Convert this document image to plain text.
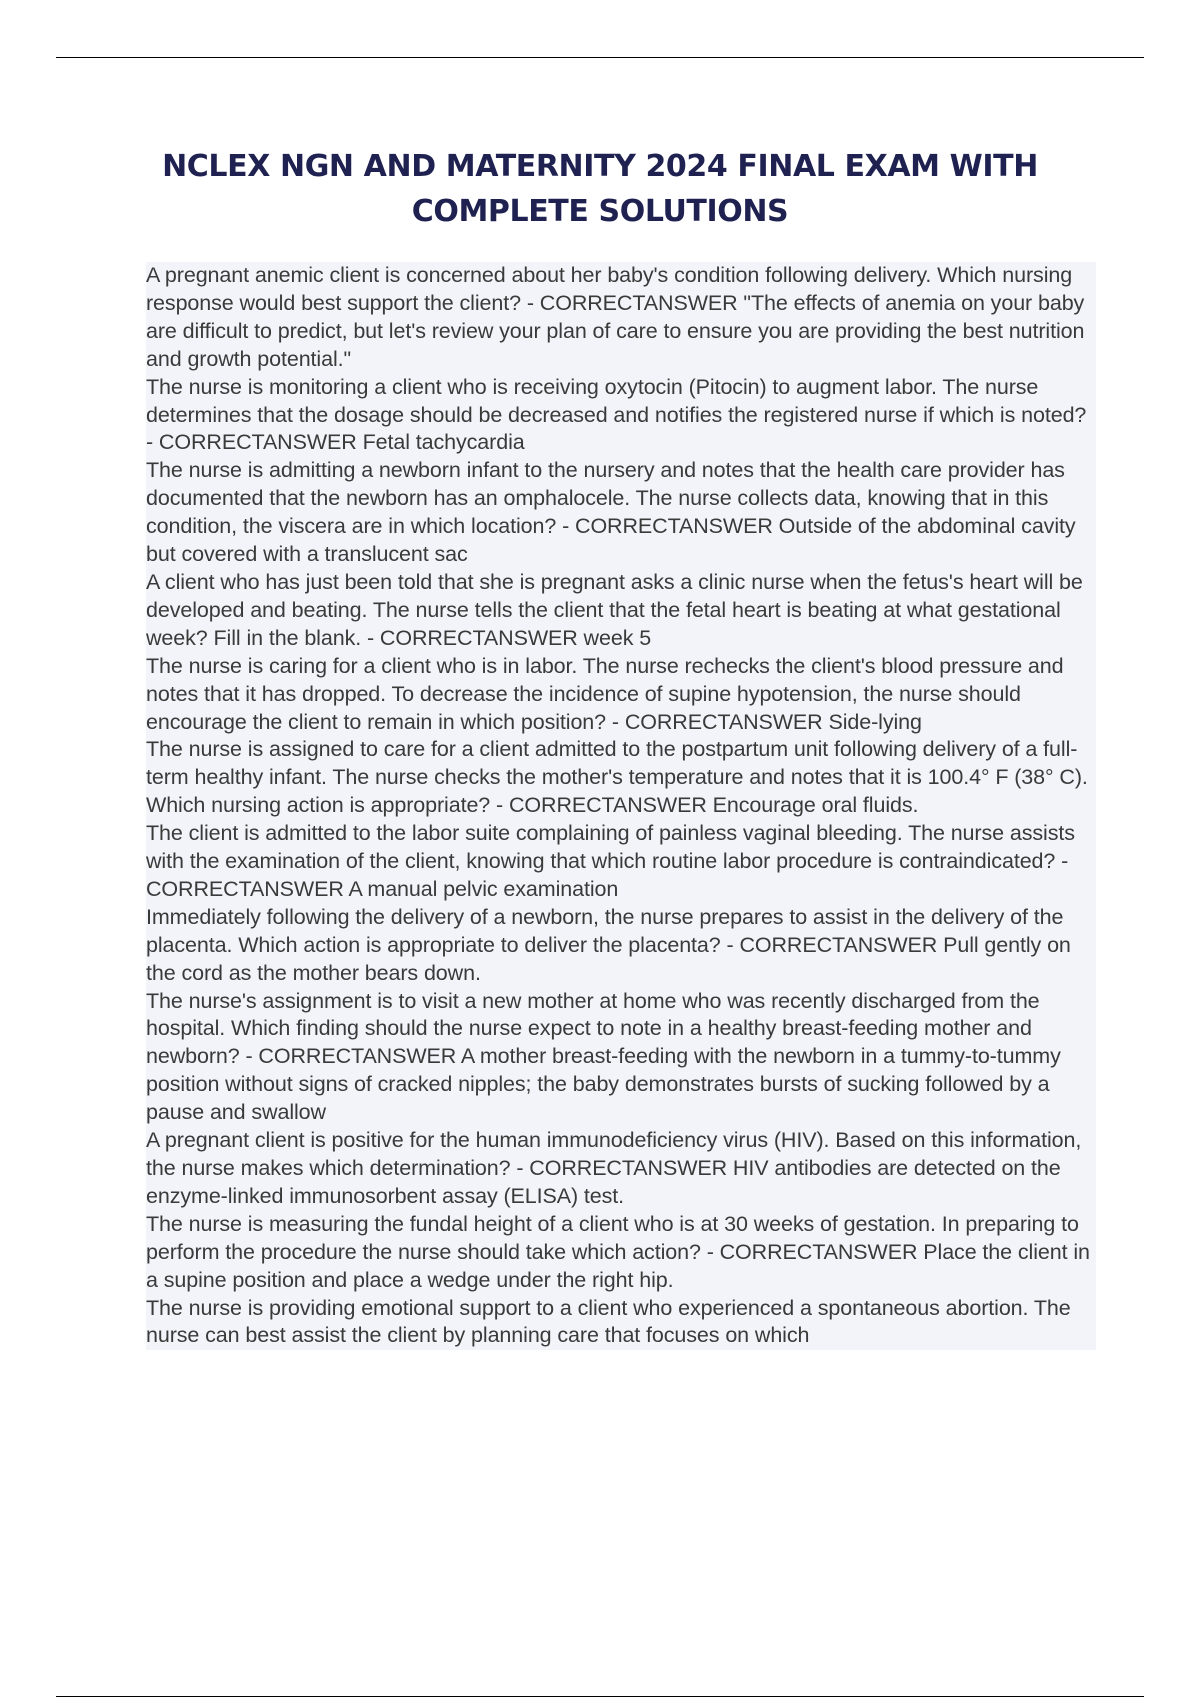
NCLEX NGN AND MATERNITY 2024 FINAL EXAM WITH
COMPLETE SOLUTIONS

A pregnant anemic client is concerned about her baby's condition following delivery. Which nursing response would best support the client? - CORRECTANSWER "The effects of anemia on your baby are difficult to predict, but let's review your plan of care to ensure you are providing the best nutrition and growth potential."

The nurse is monitoring a client who is receiving oxytocin (Pitocin) to augment labor. The nurse determines that the dosage should be decreased and notifies the registered nurse if which is noted? - CORRECTANSWER Fetal tachycardia

The nurse is admitting a newborn infant to the nursery and notes that the health care provider has documented that the newborn has an omphalocele. The nurse collects data, knowing that in this condition, the viscera are in which location? - CORRECTANSWER Outside of the abdominal cavity but covered with a translucent sac

A client who has just been told that she is pregnant asks a clinic nurse when the fetus's heart will be developed and beating. The nurse tells the client that the fetal heart is beating at what gestational week? Fill in the blank. - CORRECTANSWER week 5

The nurse is caring for a client who is in labor. The nurse rechecks the client's blood pressure and notes that it has dropped. To decrease the incidence of supine hypotension, the nurse should encourage the client to remain in which position? - CORRECTANSWER Side-lying

The nurse is assigned to care for a client admitted to the postpartum unit following delivery of a full-term healthy infant. The nurse checks the mother's temperature and notes that it is 100.4° F (38° C). Which nursing action is appropriate? - CORRECTANSWER Encourage oral fluids.

The client is admitted to the labor suite complaining of painless vaginal bleeding. The nurse assists with the examination of the client, knowing that which routine labor procedure is contraindicated? - CORRECTANSWER A manual pelvic examination

Immediately following the delivery of a newborn, the nurse prepares to assist in the delivery of the placenta. Which action is appropriate to deliver the placenta? - CORRECTANSWER Pull gently on the cord as the mother bears down.

The nurse's assignment is to visit a new mother at home who was recently discharged from the hospital. Which finding should the nurse expect to note in a healthy breast-feeding mother and newborn? - CORRECTANSWER A mother breast-feeding with the newborn in a tummy-to-tummy position without signs of cracked nipples; the baby demonstrates bursts of sucking followed by a pause and swallow

A pregnant client is positive for the human immunodeficiency virus (HIV). Based on this information, the nurse makes which determination? - CORRECTANSWER HIV antibodies are detected on the enzyme-linked immunosorbent assay (ELISA) test.

The nurse is measuring the fundal height of a client who is at 30 weeks of gestation. In preparing to perform the procedure the nurse should take which action? - CORRECTANSWER Place the client in a supine position and place a wedge under the right hip.

The nurse is providing emotional support to a client who experienced a spontaneous abortion. The nurse can best assist the client by planning care that focuses on which
